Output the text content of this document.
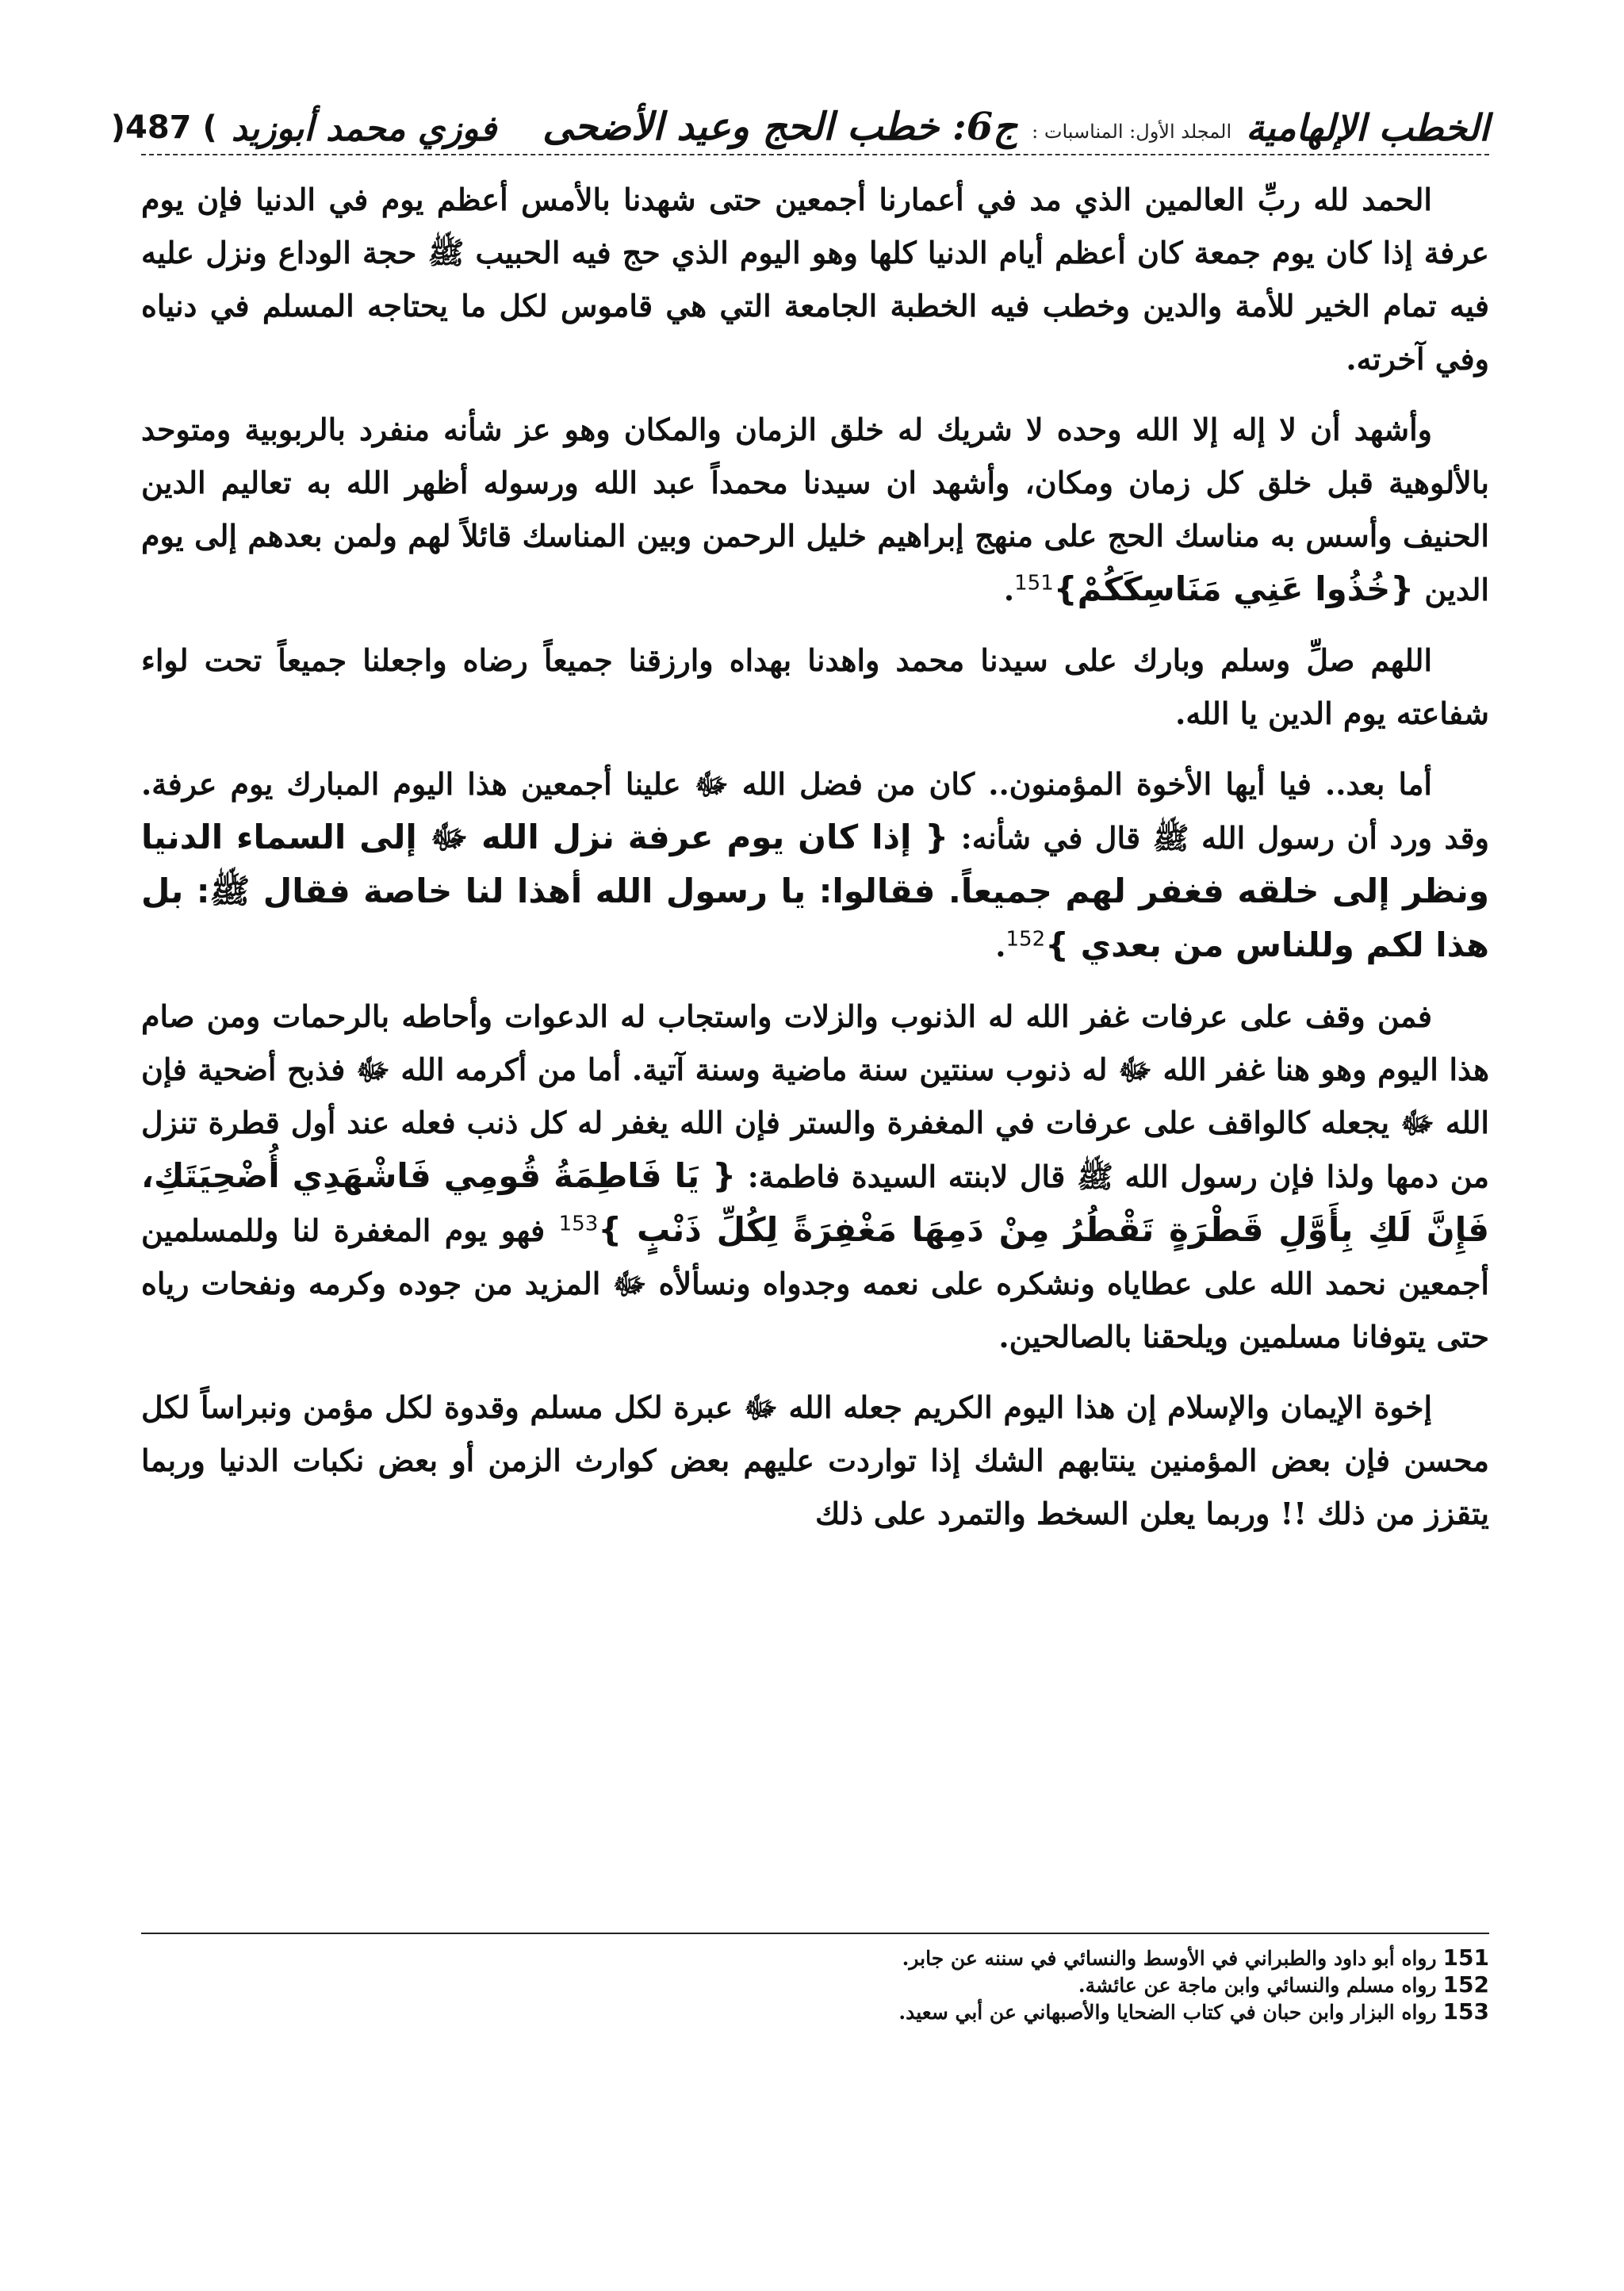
الخطب الإلهامية
المجلد الأول: المناسبات :
ج6: خطب الحج وعيد الأضحى
فوزي محمد أبوزيد
) 487(

الحمد لله ربِّ العالمين الذي مد في أعمارنا أجمعين حتى شهدنا بالأمس أعظم يوم في الدنيا فإن يوم عرفة إذا كان يوم جمعة كان أعظم أيام الدنيا كلها وهو اليوم الذي حج فيه الحبيب ﷺ حجة الوداع ونزل عليه فيه تمام الخير للأمة والدين وخطب فيه الخطبة الجامعة التي هي قاموس لكل ما يحتاجه المسلم في دنياه وفي آخرته.

وأشهد أن لا إله إلا الله وحده لا شريك له خلق الزمان والمكان وهو عز شأنه منفرد بالربوبية ومتوحد بالألوهية قبل خلق كل زمان ومكان، وأشهد ان سيدنا محمداً عبد الله ورسوله أظهر الله به تعاليم الدين الحنيف وأسس به مناسك الحج على منهج إبراهيم خليل الرحمن وبين المناسك قائلاً لهم ولمن بعدهم إلى يوم الدين {خُذُوا عَنِي مَنَاسِكَكُمْ}$^{151}$.

اللهم صلِّ وسلم وبارك على سيدنا محمد واهدنا بهداه وارزقنا جميعاً رضاه واجعلنا جميعاً تحت لواء شفاعته يوم الدين يا الله.

أما بعد.. فيا أيها الأخوة المؤمنون.. كان من فضل الله ﷻ علينا أجمعين هذا اليوم المبارك يوم عرفة. وقد ورد أن رسول الله ﷺ قال في شأنه: { إذا كان يوم عرفة نزل الله ﷻ إلى السماء الدنيا ونظر إلى خلقه فغفر لهم جميعاً. فقالوا: يا رسول الله أهذا لنا خاصة فقال ﷺ: بل هذا لكم وللناس من بعدي }$^{152}$.

فمن وقف على عرفات غفر الله له الذنوب والزلات واستجاب له الدعوات وأحاطه بالرحمات ومن صام هذا اليوم وهو هنا غفر الله ﷻ له ذنوب سنتين سنة ماضية وسنة آتية. أما من أكرمه الله ﷻ فذبح أضحية فإن الله ﷻ يجعله كالواقف على عرفات في المغفرة والستر فإن الله يغفر له كل ذنب فعله عند أول قطرة تنزل من دمها ولذا فإن رسول الله ﷺ قال لابنته السيدة فاطمة: { يَا فَاطِمَةُ قُومِي فَاشْهَدِي أُضْحِيَتَكِ، فَإِنَّ لَكِ بِأَوَّلِ قَطْرَةٍ تَقْطُرُ مِنْ دَمِهَا مَغْفِرَةً لِكُلِّ ذَنْبٍ }$^{153}$ فهو يوم المغفرة لنا وللمسلمين أجمعين نحمد الله على عطاياه ونشكره على نعمه وجدواه ونسألأه ﷻ المزيد من جوده وكرمه ونفحات رياه حتى يتوفانا مسلمين ويلحقنا بالصالحين.

إخوة الإيمان والإسلام إن هذا اليوم الكريم جعله الله ﷻ عبرة لكل مسلم وقدوة لكل مؤمن ونبراساًَ لكل محسن فإن بعض المؤمنين ينتابهم الشك إذا تواردت عليهم بعض كوارث الزمن أو بعض نكبات الدنيا وربما يتقزز من ذلك !! وربما يعلن السخط والتمرد على ذلك

151رواه أبو داود والطبراني في الأوسط والنسائي في سننه عن جابر.
152رواه مسلم والنسائي وابن ماجة عن عائشة.
153رواه البزار وابن حبان في كتاب الضحايا والأصبهاني عن أبي سعيد.
